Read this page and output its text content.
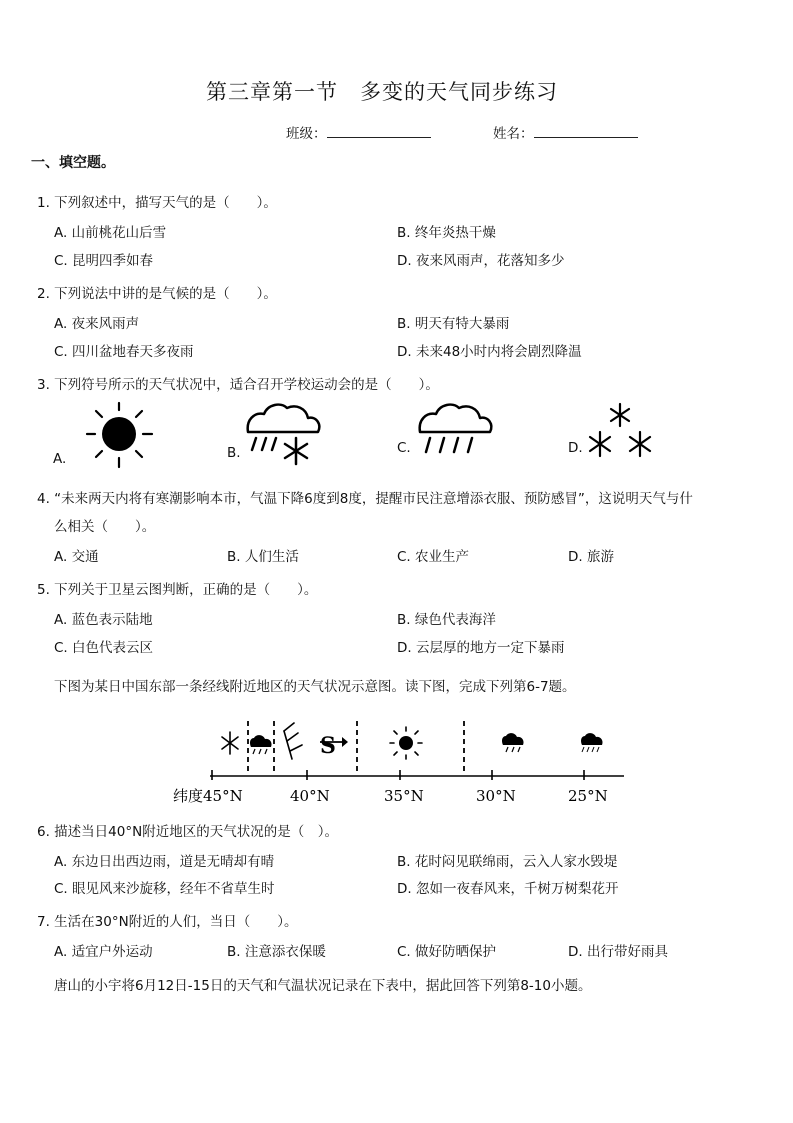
第三章第一节　多变的天气同步练习
班级：	姓名：
一、填空题。
1. 下列叙述中，描写天气的是（　　）。
A. 山前桃花山后雪	B. 终年炎热干燥
C. 昆明四季如春	D. 夜来风雨声，花落知多少
2. 下列说法中讲的是气候的是（　　）。
A. 夜来风雨声	B. 明天有特大暴雨
C. 四川盆地春天多夜雨	D. 未来48小时内将会剧烈降温
3. 下列符号所示的天气状况中，适合召开学校运动会的是（　　）。
A.	B.	C.	D.
4. “未来两天内将有寒潮影响本市，气温下降6度到8度，提醒市民注意增添衣服、预防感冒”，这说明天气与什
么相关（　　）。
A. 交通	B. 人们生活	C. 农业生产	D. 旅游
5. 下列关于卫星云图判断，正确的是（　　）。
A. 蓝色表示陆地	B. 绿色代表海洋
C. 白色代表云区	D. 云层厚的地方一定下暴雨
下图为某日中国东部一条经线附近地区的天气状况示意图。读下图，完成下列第6-7题。
S
纬度 45°N	40°N	35°N	30°N	25°N
6. 描述当日40°N附近地区的天气状况的是（　）。
A. 东边日出西边雨，道是无晴却有晴	B. 花时闷见联绵雨，云入人家水毁堤
C. 眼见风来沙旋移，经年不省草生时	D. 忽如一夜春风来，千树万树梨花开
7. 生活在30°N附近的人们，当日（　　）。
A. 适宜户外运动	B. 注意添衣保暖	C. 做好防晒保护	D. 出行带好雨具
唐山的小宇将6月12日-15日的天气和气温状况记录在下表中，据此回答下列第8-10小题。
